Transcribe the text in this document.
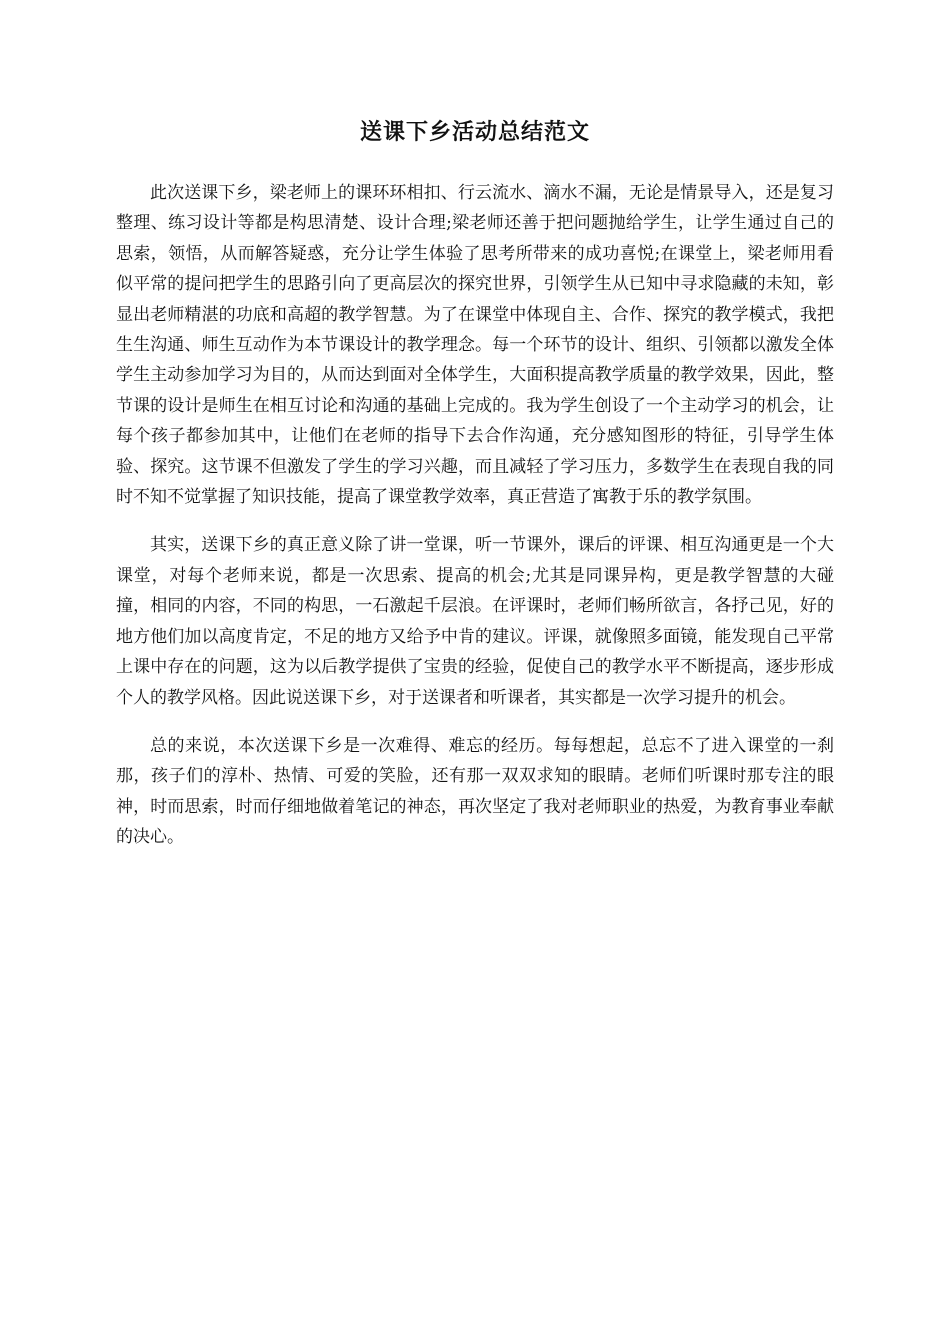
送课下乡活动总结范文

此次送课下乡，梁老师上的课环环相扣、行云流水、滴水不漏，无论是情景导入，还是复习整理、练习设计等都是构思清楚、设计合理;梁老师还善于把问题抛给学生，让学生通过自己的思索，领悟，从而解答疑惑，充分让学生体验了思考所带来的成功喜悦;在课堂上，梁老师用看似平常的提问把学生的思路引向了更高层次的探究世界，引领学生从已知中寻求隐藏的未知，彰显出老师精湛的功底和高超的教学智慧。为了在课堂中体现自主、合作、探究的教学模式，我把生生沟通、师生互动作为本节课设计的教学理念。每一个环节的设计、组织、引领都以激发全体学生主动参加学习为目的，从而达到面对全体学生，大面积提高教学质量的教学效果，因此，整节课的设计是师生在相互讨论和沟通的基础上完成的。我为学生创设了一个主动学习的机会，让每个孩子都参加其中，让他们在老师的指导下去合作沟通，充分感知图形的特征，引导学生体验、探究。这节课不但激发了学生的学习兴趣，而且减轻了学习压力，多数学生在表现自我的同时不知不觉掌握了知识技能，提高了课堂教学效率，真正营造了寓教于乐的教学氛围。

其实，送课下乡的真正意义除了讲一堂课，听一节课外，课后的评课、相互沟通更是一个大课堂，对每个老师来说，都是一次思索、提高的机会;尤其是同课异构，更是教学智慧的大碰撞，相同的内容，不同的构思，一石激起千层浪。在评课时，老师们畅所欲言，各抒己见，好的地方他们加以高度肯定，不足的地方又给予中肯的建议。评课，就像照多面镜，能发现自己平常上课中存在的问题，这为以后教学提供了宝贵的经验，促使自己的教学水平不断提高，逐步形成个人的教学风格。因此说送课下乡，对于送课者和听课者，其实都是一次学习提升的机会。

总的来说，本次送课下乡是一次难得、难忘的经历。每每想起，总忘不了进入课堂的一刹那，孩子们的淳朴、热情、可爱的笑脸，还有那一双双求知的眼睛。老师们听课时那专注的眼神，时而思索，时而仔细地做着笔记的神态，再次坚定了我对老师职业的热爱，为教育事业奉献的决心。
